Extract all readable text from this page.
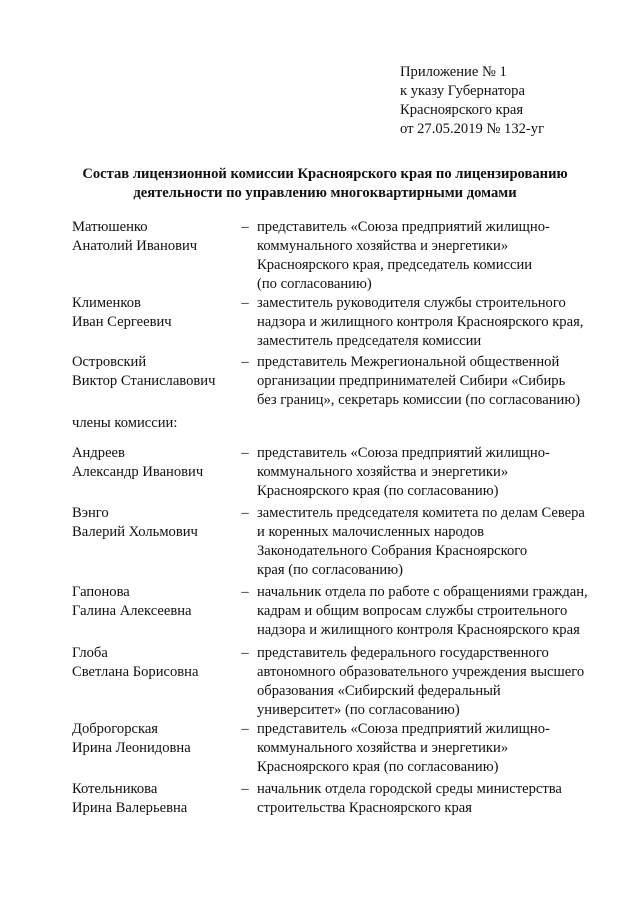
Приложение № 1
к указу Губернатора
Красноярского края
от 27.05.2019 № 132-уг
Состав лицензионной комиссии Красноярского края по лицензированию
деятельности по управлению многоквартирными домами
Матюшенко
Анатолий Иванович
– представитель «Союза предприятий жилищно-
коммунального хозяйства и энергетики»
Красноярского края, председатель комиссии
(по согласованию)
Клименков
Иван Сергеевич
– заместитель руководителя службы строительного
надзора и жилищного контроля Красноярского края,
заместитель председателя комиссии
Островский
Виктор Станиславович
– представитель Межрегиональной общественной
организации предпринимателей Сибири «Сибирь
без границ», секретарь комиссии (по согласованию)
члены комиссии:
Андреев
Александр Иванович
– представитель «Союза предприятий жилищно-
коммунального хозяйства и энергетики»
Красноярского края (по согласованию)
Вэнго
Валерий Хольмович
– заместитель председателя комитета по делам Севера
и коренных малочисленных народов
Законодательного Собрания Красноярского
края (по согласованию)
Гапонова
Галина Алексеевна
– начальник отдела по работе с обращениями граждан,
кадрам и общим вопросам службы строительного
надзора и жилищного контроля Красноярского края
Глоба
Светлана Борисовна
– представитель федерального государственного
автономного образовательного учреждения высшего
образования «Сибирский федеральный
университет» (по согласованию)
Доброгорская
Ирина Леонидовна
– представитель «Союза предприятий жилищно-
коммунального хозяйства и энергетики»
Красноярского края (по согласованию)
Котельникова
Ирина Валерьевна
– начальник отдела городской среды министерства
строительства Красноярского края
